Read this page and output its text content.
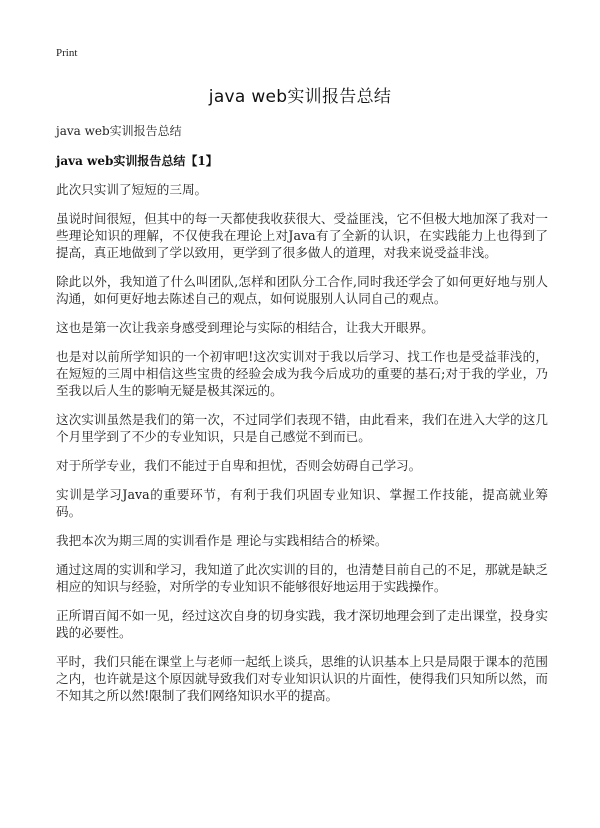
Print
java web实训报告总结

java web实训报告总结

java web实训报告总结【1】

此次只实训了短短的三周。

虽说时间很短，但其中的每一天都使我收获很大、受益匪浅，它不但极大地加深了我对一些理论知识的理解，不仅使我在理论上对Java有了全新的认识，在实践能力上也得到了提高，真正地做到了学以致用，更学到了很多做人的道理，对我来说受益非浅。

除此以外，我知道了什么叫团队,怎样和团队分工合作,同时我还学会了如何更好地与别人沟通，如何更好地去陈述自己的观点，如何说服别人认同自己的观点。

这也是第一次让我亲身感受到理论与实际的相结合，让我大开眼界。

也是对以前所学知识的一个初审吧!这次实训对于我以后学习、找工作也是受益菲浅的，在短短的三周中相信这些宝贵的经验会成为我今后成功的重要的基石;对于我的学业，乃至我以后人生的影响无疑是极其深远的。

这次实训虽然是我们的第一次，不过同学们表现不错，由此看来，我们在进入大学的这几个月里学到了不少的专业知识，只是自己感觉不到而已。

对于所学专业，我们不能过于自卑和担忧，否则会妨碍自己学习。

实训是学习Java的重要环节，有利于我们巩固专业知识、掌握工作技能，提高就业筹码。

我把本次为期三周的实训看作是 理论与实践相结合的桥梁。

通过这周的实训和学习，我知道了此次实训的目的，也清楚目前自己的不足，那就是缺乏相应的知识与经验，对所学的专业知识不能够很好地运用于实践操作。

正所谓百闻不如一见，经过这次自身的切身实践，我才深切地理会到了走出课堂，投身实践的必要性。

平时，我们只能在课堂上与老师一起纸上谈兵，思维的认识基本上只是局限于课本的范围之内，也许就是这个原因就导致我们对专业知识认识的片面性，使得我们只知所以然，而不知其之所以然!限制了我们网络知识水平的提高。
